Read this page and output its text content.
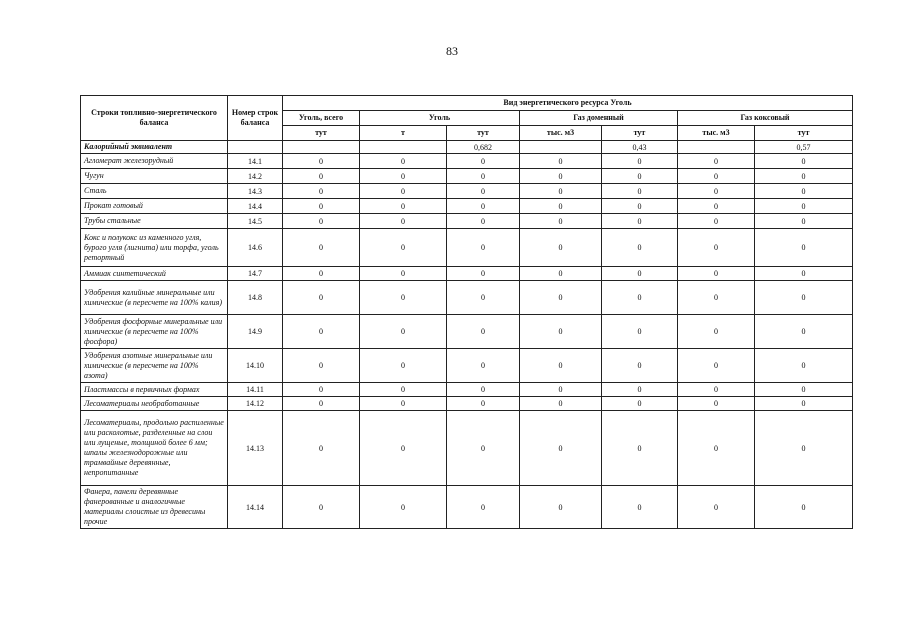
83
Строки топливно-энергетического баланса	Номер строк баланса	Вид энергетического ресурса Уголь						
		Уголь, всего	Уголь		Газ доменный		Газ коксовый	
		тут	т	тут	тыс. м3	тут	тыс. м3	тут
Калорийный эквивалент				0,682		0,43		0,57
Агломерат железорудный	14.1	0	0	0	0	0	0	0
Чугун	14.2	0	0	0	0	0	0	0
Сталь	14.3	0	0	0	0	0	0	0
Прокат готовый	14.4	0	0	0	0	0	0	0
Трубы стальные	14.5	0	0	0	0	0	0	0
Кокс и полукокс из каменного угля, бурого угля (лигнита) или торфа, уголь ретортный	14.6	0	0	0	0	0	0	0
Аммиак синтетический	14.7	0	0	0	0	0	0	0
Удобрения калийные минеральные или химические (в пересчете на 100% калия)	14.8	0	0	0	0	0	0	0
Удобрения фосфорные минеральные или химические (в пересчете на 100% фосфора)	14.9	0	0	0	0	0	0	0
Удобрения азотные минеральные или химические (в пересчете на 100% азота)	14.10	0	0	0	0	0	0	0
Пластмассы в первичных формах	14.11	0	0	0	0	0	0	0
Лесоматериалы необработанные	14.12	0	0	0	0	0	0	0
Лесоматериалы, продольно распиленные или расколотые, разделенные на слои или лущеные, толщиной более 6 мм; шпалы железнодорожные или трамвайные деревянные, непропитанные	14.13	0	0	0	0	0	0	0
Фанера, панели деревянные фанерованные и аналогичные материалы слоистые из древесины прочие	14.14	0	0	0	0	0	0	0
